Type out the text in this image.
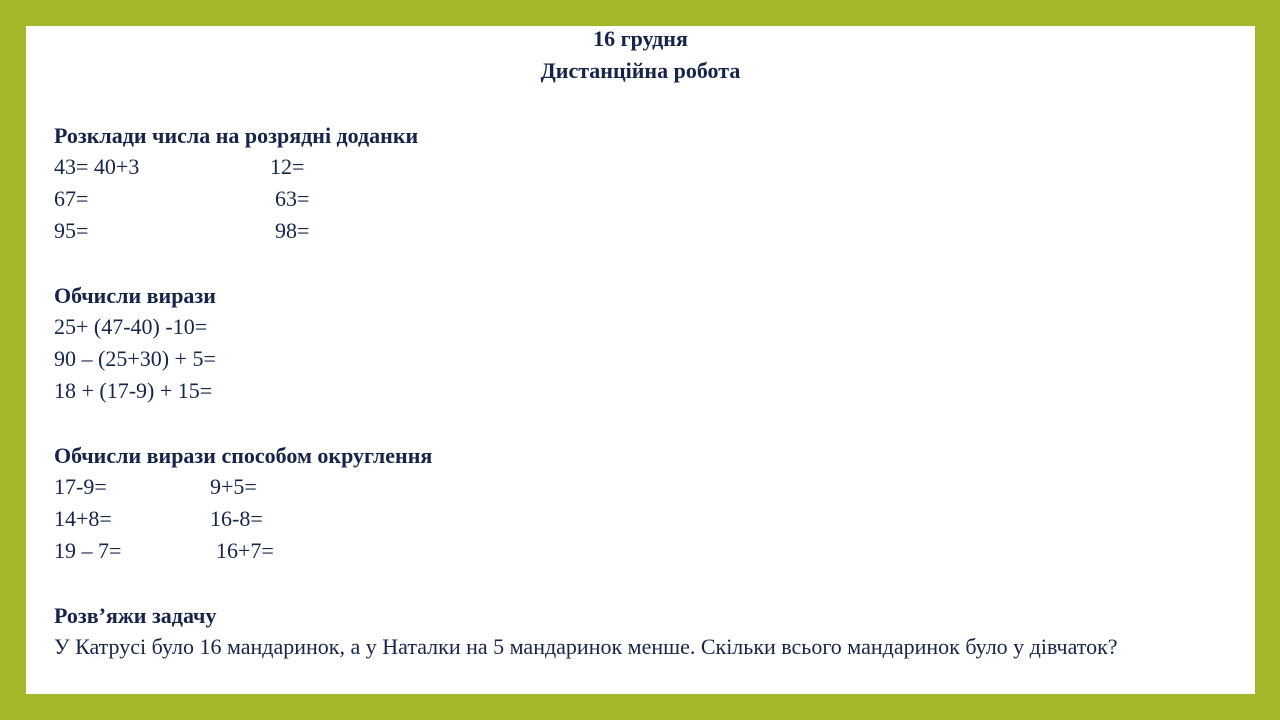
16 грудня
Дистанційна робота
Розклади числа на розрядні доданки
43= 40+3	12=
67=	63=
95=	98=
Обчисли вирази
25+ (47-40) -10=
90 – (25+30) + 5=
18 + (17-9) + 15=
Обчисли вирази способом округлення
17-9=	9+5=
14+8=	16-8=
19 – 7=	16+7=
Розв’яжи задачу
У Катрусі було 16 мандаринок, а у Наталки на 5 мандаринок менше. Скільки всього мандаринок було у дівчаток?
